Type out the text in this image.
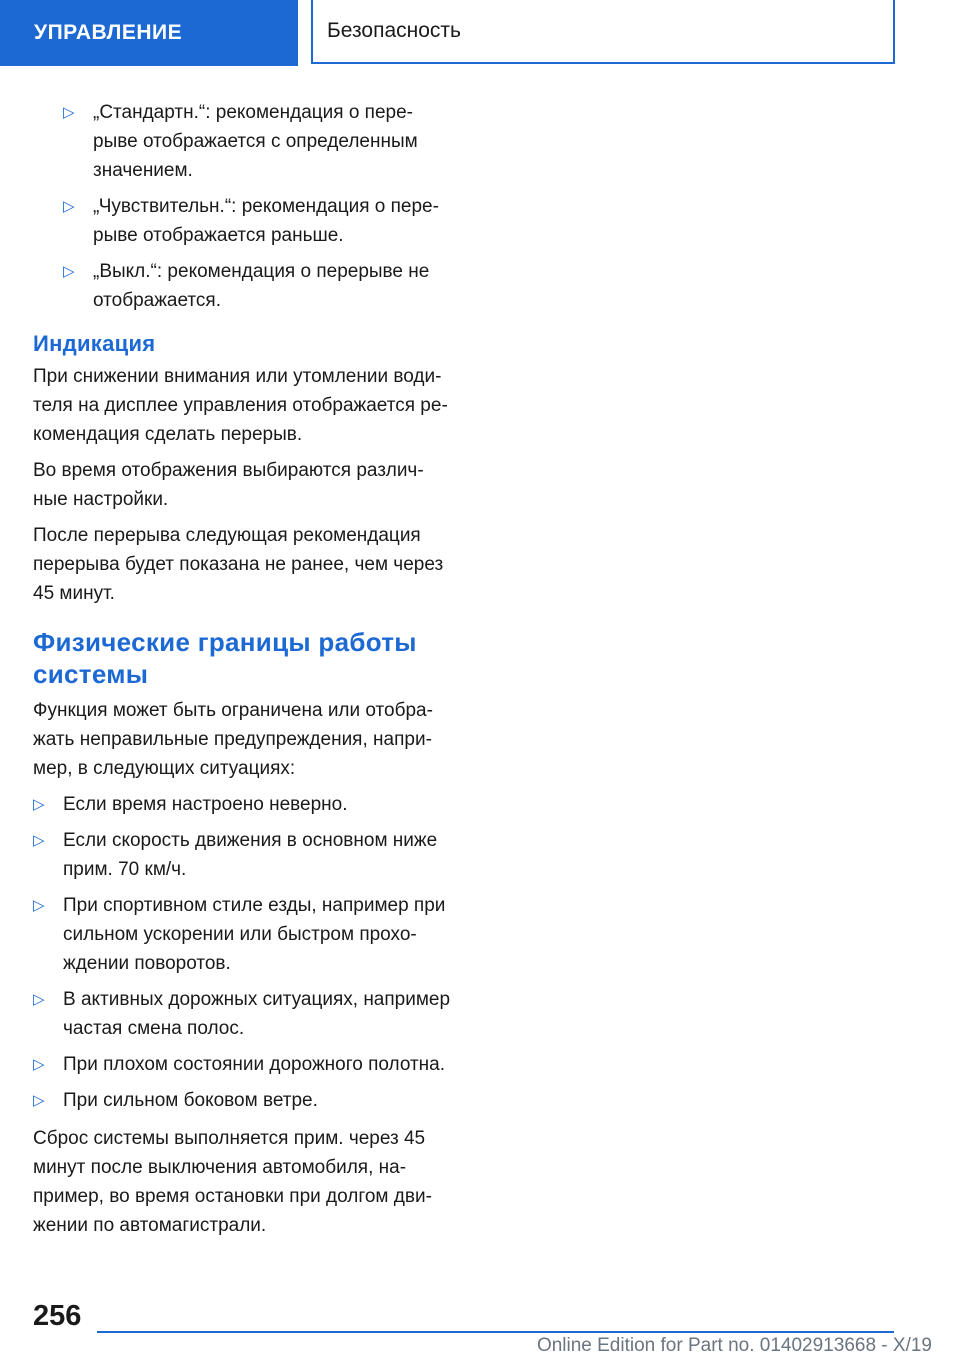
УПРАВЛЕНИЕ	Безопасность
▷ „Стандартн.“: рекомендация о перерыве отображается с определенным значением.
▷ „Чувствительн.“: рекомендация о перерыве отображается раньше.
▷ „Выкл.“: рекомендация о перерыве не отображается.
Индикация

При снижении внимания или утомлении водителя на дисплее управления отображается рекомендация сделать перерыв.

Во время отображения выбираются различные настройки.

После перерыва следующая рекомендация перерыва будет показана не ранее, чем через 45 минут.

Физические границы работы системы

Функция может быть ограничена или отображать неправильные предупреждения, например, в следующих ситуациях:

▷ Если время настроено неверно.
▷ Если скорость движения в основном ниже прим. 70 км/ч.
▷ При спортивном стиле езды, например при сильном ускорении или быстром прохождении поворотов.
▷ В активных дорожных ситуациях, например частая смена полос.
▷ При плохом состоянии дорожного полотна.
▷ При сильном боковом ветре.

Сброс системы выполняется прим. через 45 минут после выключения автомобиля, например, во время остановки при долгом движении по автомагистрали.

256
Online Edition for Part no. 01402913668 - X/19
